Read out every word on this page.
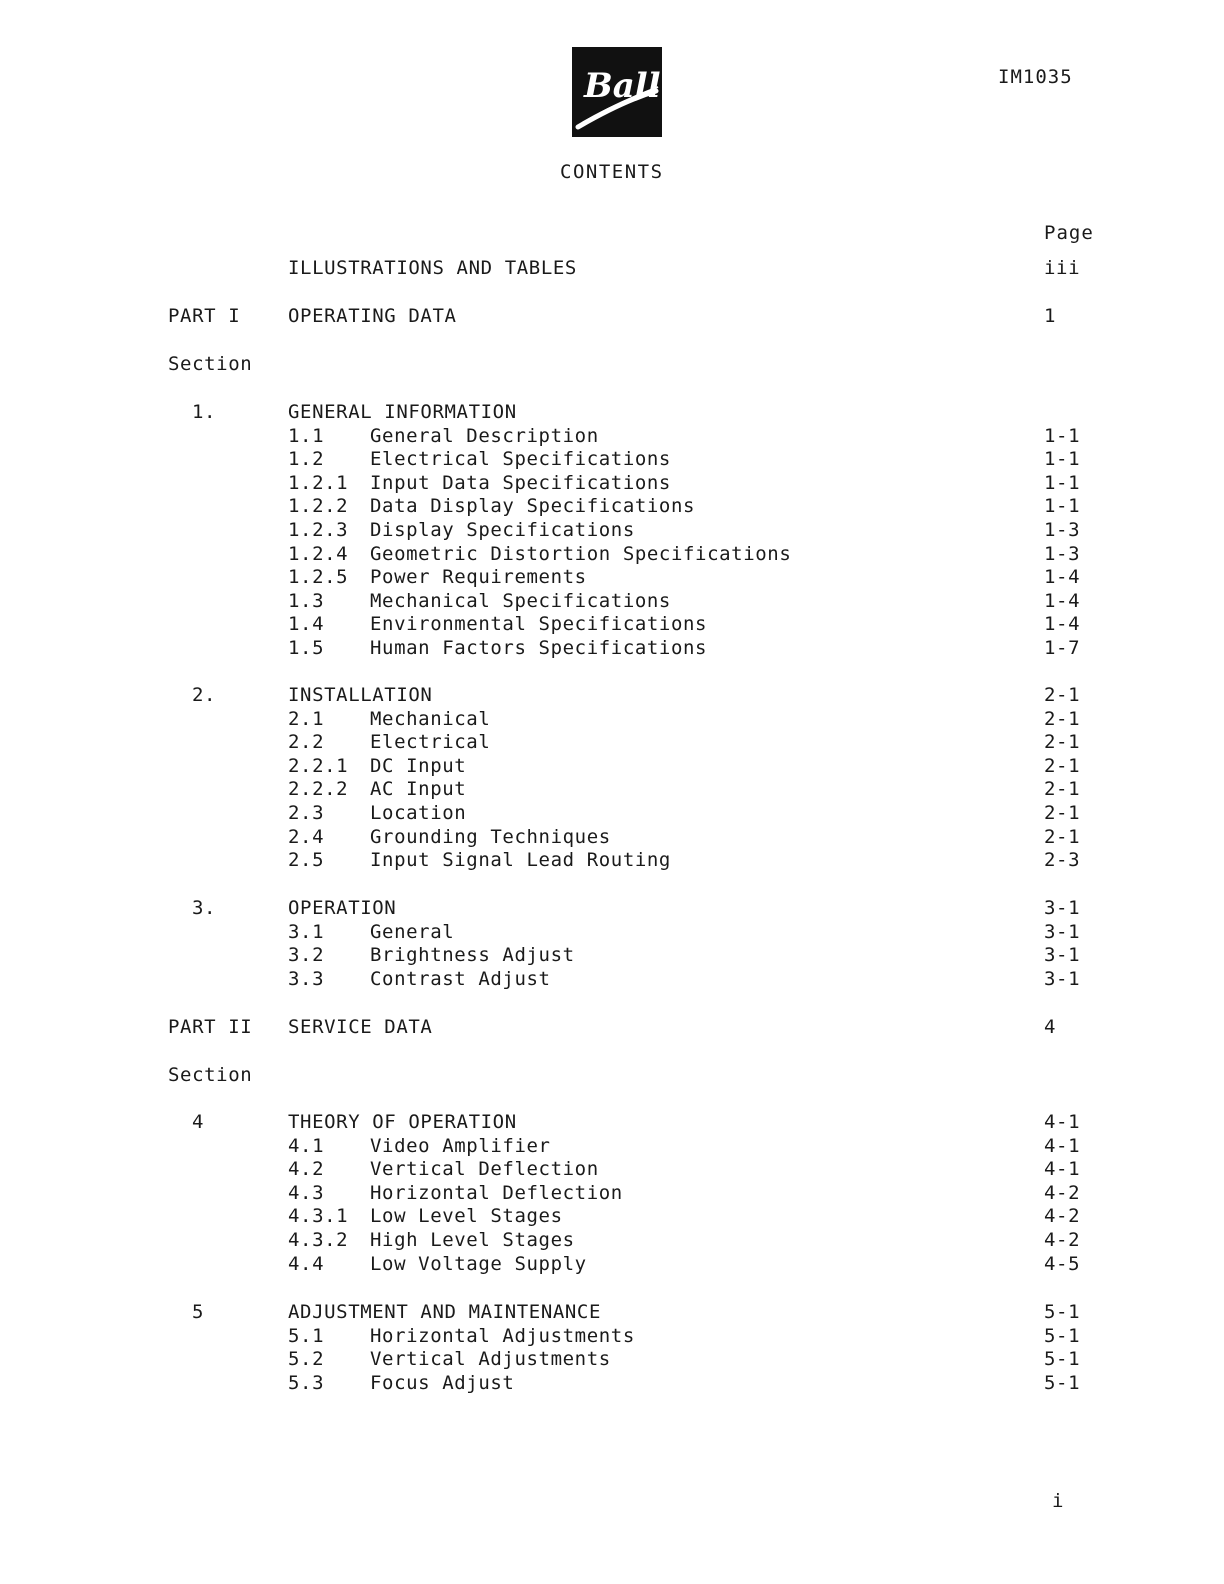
Ball	IM1035
CONTENTS
Page
ILLUSTRATIONS AND TABLES	iii
PART I	OPERATING DATA	1
Section
1.	GENERAL INFORMATION
1.1 General Description	1-1
1.2 Electrical Specifications	1-1
1.2.1 Input Data Specifications	1-1
1.2.2 Data Display Specifications	1-1
1.2.3 Display Specifications	1-3
1.2.4 Geometric Distortion Specifications	1-3
1.2.5 Power Requirements	1-4
1.3 Mechanical Specifications	1-4
1.4 Environmental Specifications	1-4
1.5 Human Factors Specifications	1-7
2.	INSTALLATION	2-1
2.1 Mechanical	2-1
2.2 Electrical	2-1
2.2.1 DC Input	2-1
2.2.2 AC Input	2-1
2.3 Location	2-1
2.4 Grounding Techniques	2-1
2.5 Input Signal Lead Routing	2-3
3.	OPERATION	3-1
3.1 General	3-1
3.2 Brightness Adjust	3-1
3.3 Contrast Adjust	3-1
PART II SERVICE DATA	4
Section
4	THEORY OF OPERATION	4-1
4.1 Video Amplifier	4-1
4.2 Vertical Deflection	4-1
4.3 Horizontal Deflection	4-2
4.3.1 Low Level Stages	4-2
4.3.2 High Level Stages	4-2
4.4 Low Voltage Supply	4-5
5	ADJUSTMENT AND MAINTENANCE	5-1
5.1 Horizontal Adjustments	5-1
5.2 Vertical Adjustments	5-1
5.3 Focus Adjust	5-1
i
